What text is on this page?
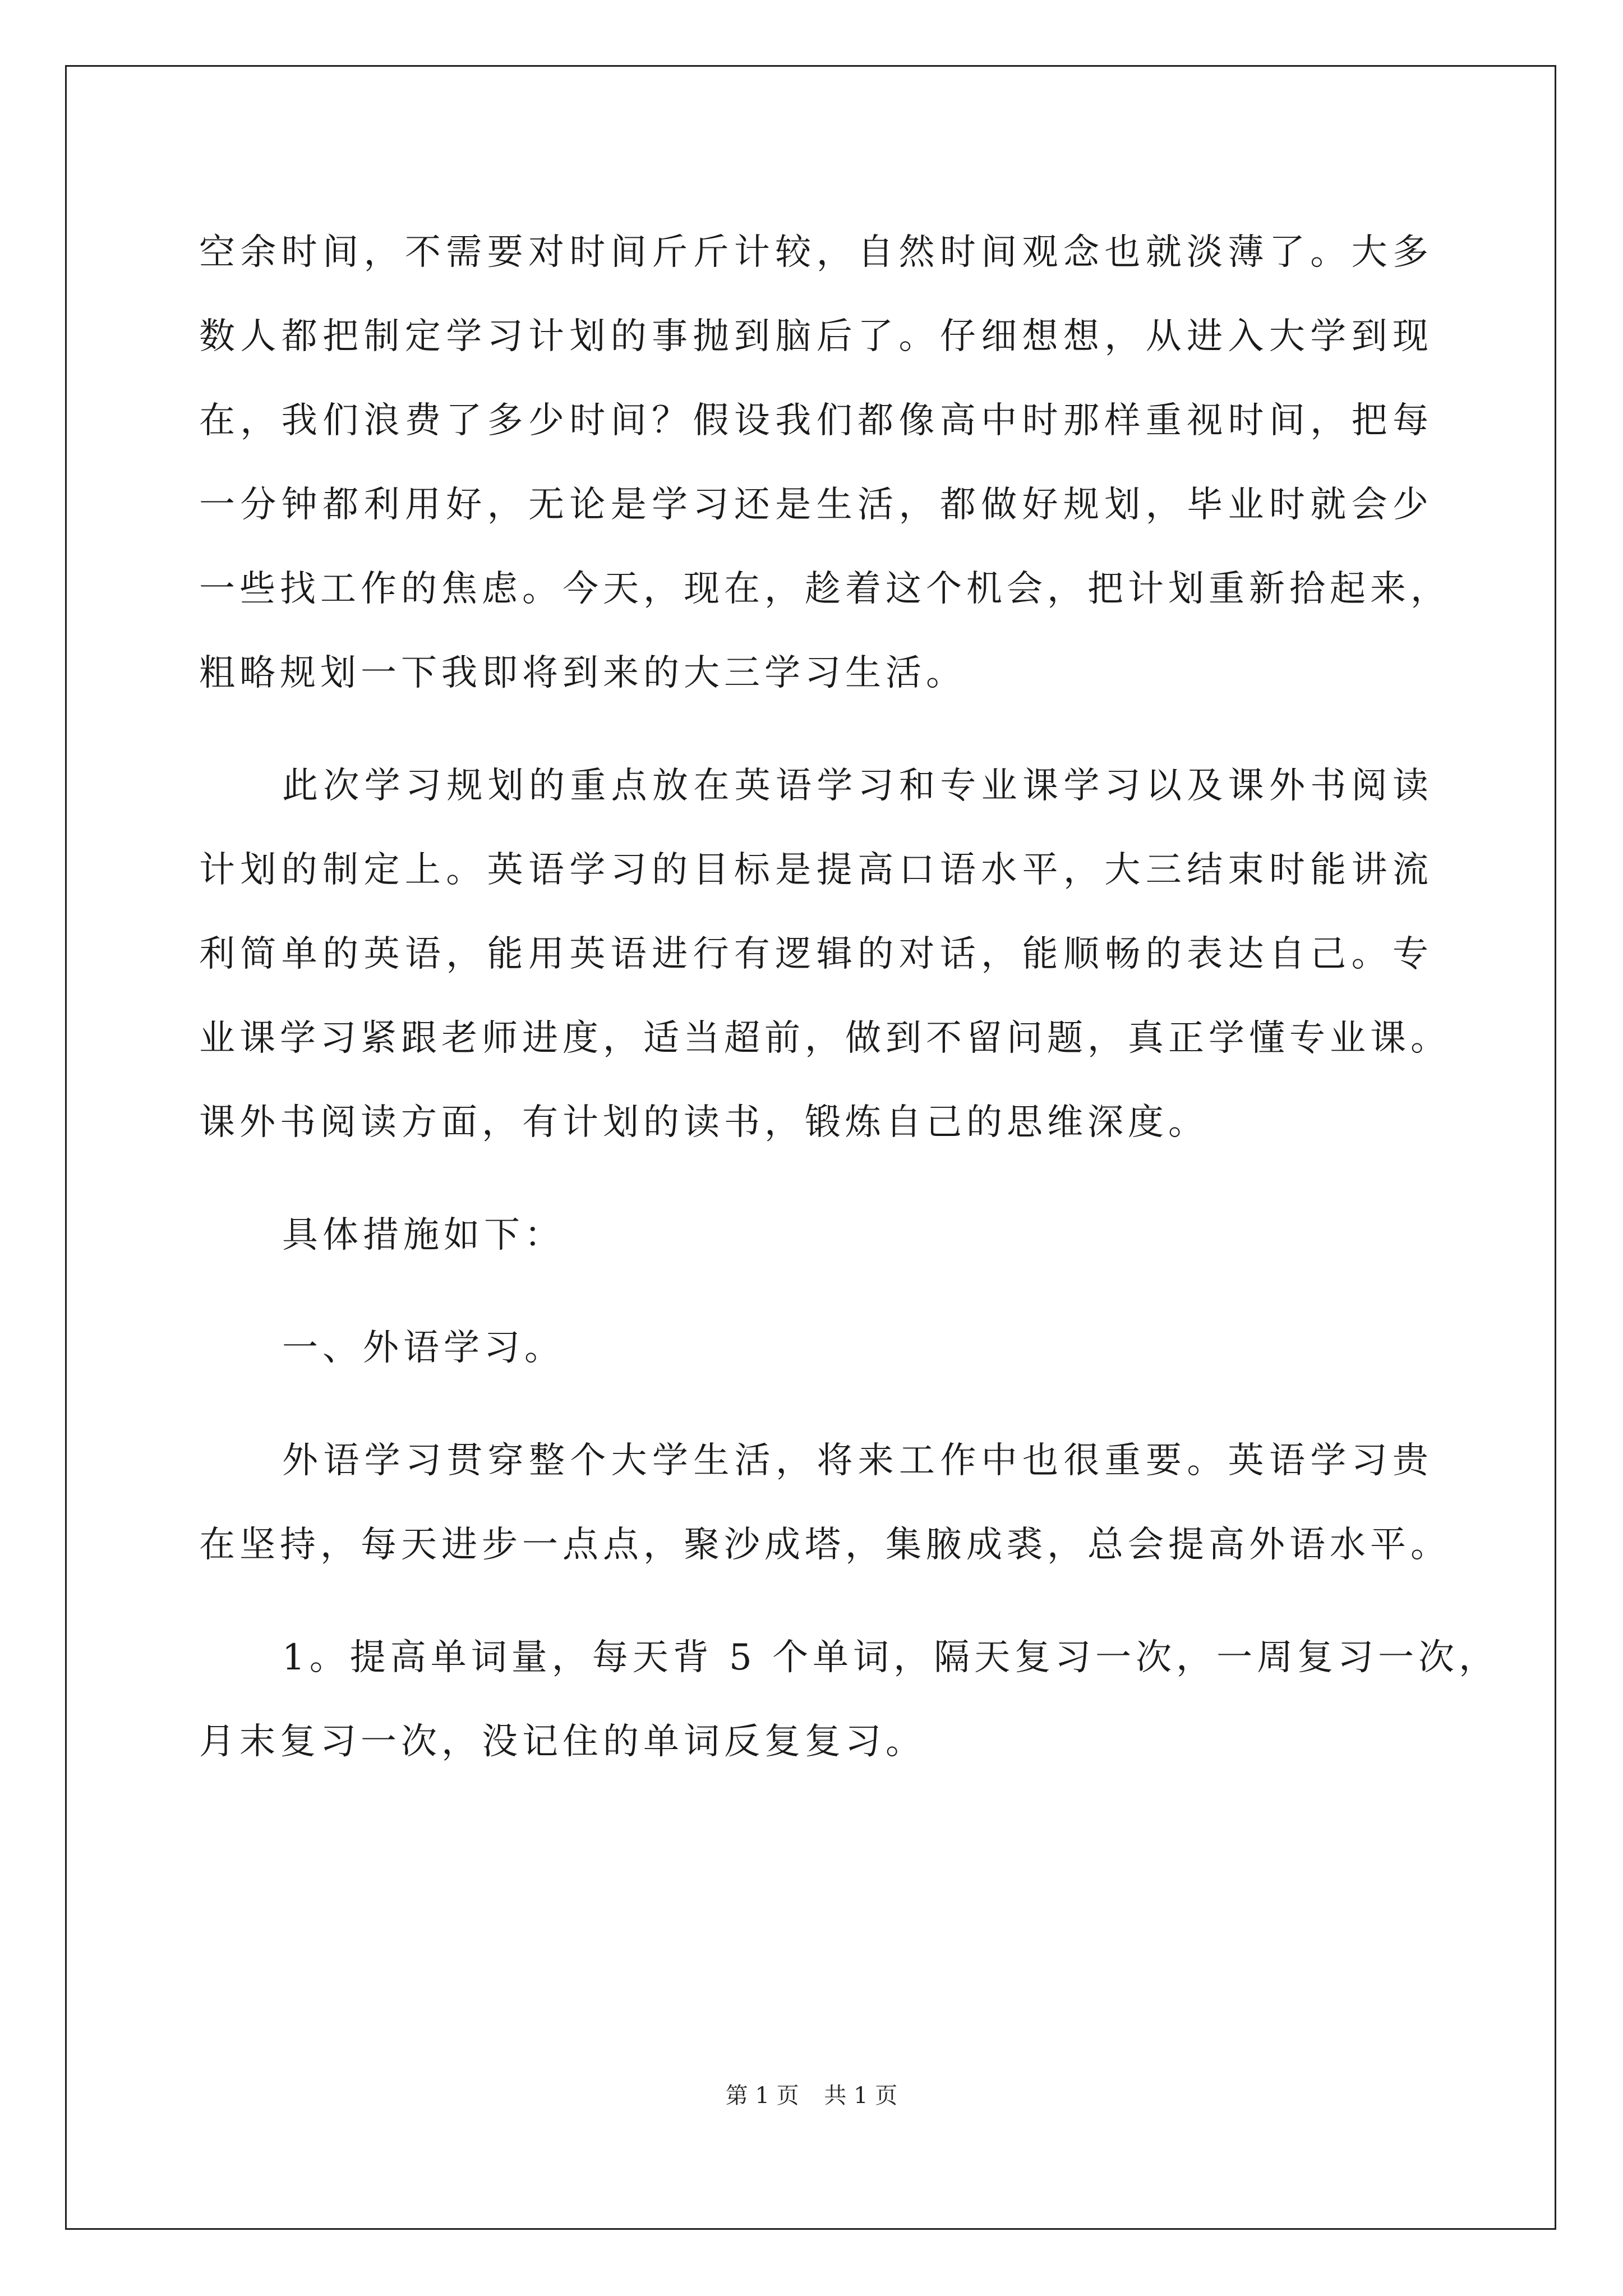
空余时间，不需要对时间斤斤计较，自然时间观念也就淡薄了。大多
数人都把制定学习计划的事抛到脑后了。仔细想想，从进入大学到现
在，我们浪费了多少时间？假设我们都像高中时那样重视时间，把每
一分钟都利用好，无论是学习还是生活，都做好规划，毕业时就会少
一些找工作的焦虑。今天，现在，趁着这个机会，把计划重新拾起来，
粗略规划一下我即将到来的大三学习生活。
此次学习规划的重点放在英语学习和专业课学习以及课外书阅读
计划的制定上。英语学习的目标是提高口语水平，大三结束时能讲流
利简单的英语，能用英语进行有逻辑的对话，能顺畅的表达自己。专
业课学习紧跟老师进度，适当超前，做到不留问题，真正学懂专业课。
课外书阅读方面，有计划的读书，锻炼自己的思维深度。
具体措施如下：
一、外语学习。
外语学习贯穿整个大学生活，将来工作中也很重要。英语学习贵
在坚持，每天进步一点点，聚沙成塔，集腋成裘，总会提高外语水平。
1。提高单词量，每天背 5 个单词，隔天复习一次，一周复习一次，
月末复习一次，没记住的单词反复复习。
第 1 页 共 1 页
